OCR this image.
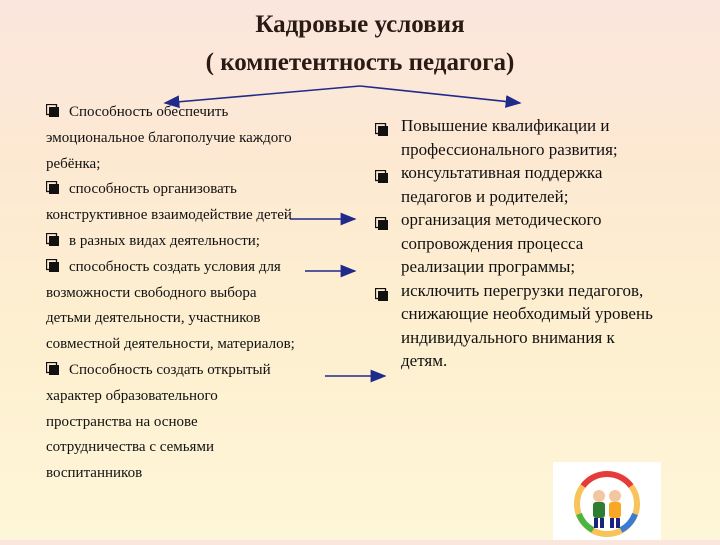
Кадровые условия
( компетентность педагога)
Способность обеспечить
эмоциональное благополучие каждого
ребёнка;
способность организовать
конструктивное взаимодействие детей
в разных видах деятельности;
способность создать условия для
возможности свободного выбора
детьми деятельности, участников
совместной деятельности, материалов;
Способность создать открытый
характер образовательного
пространства на основе
сотрудничества с семьями
воспитанников
Повышение квалификации и профессионального развития;
консультативная поддержка педагогов и родителей;
организация методического сопровождения процесса реализации программы;
исключить перегрузки педагогов, снижающие необходимый уровень индивидуального внимания к детям.
